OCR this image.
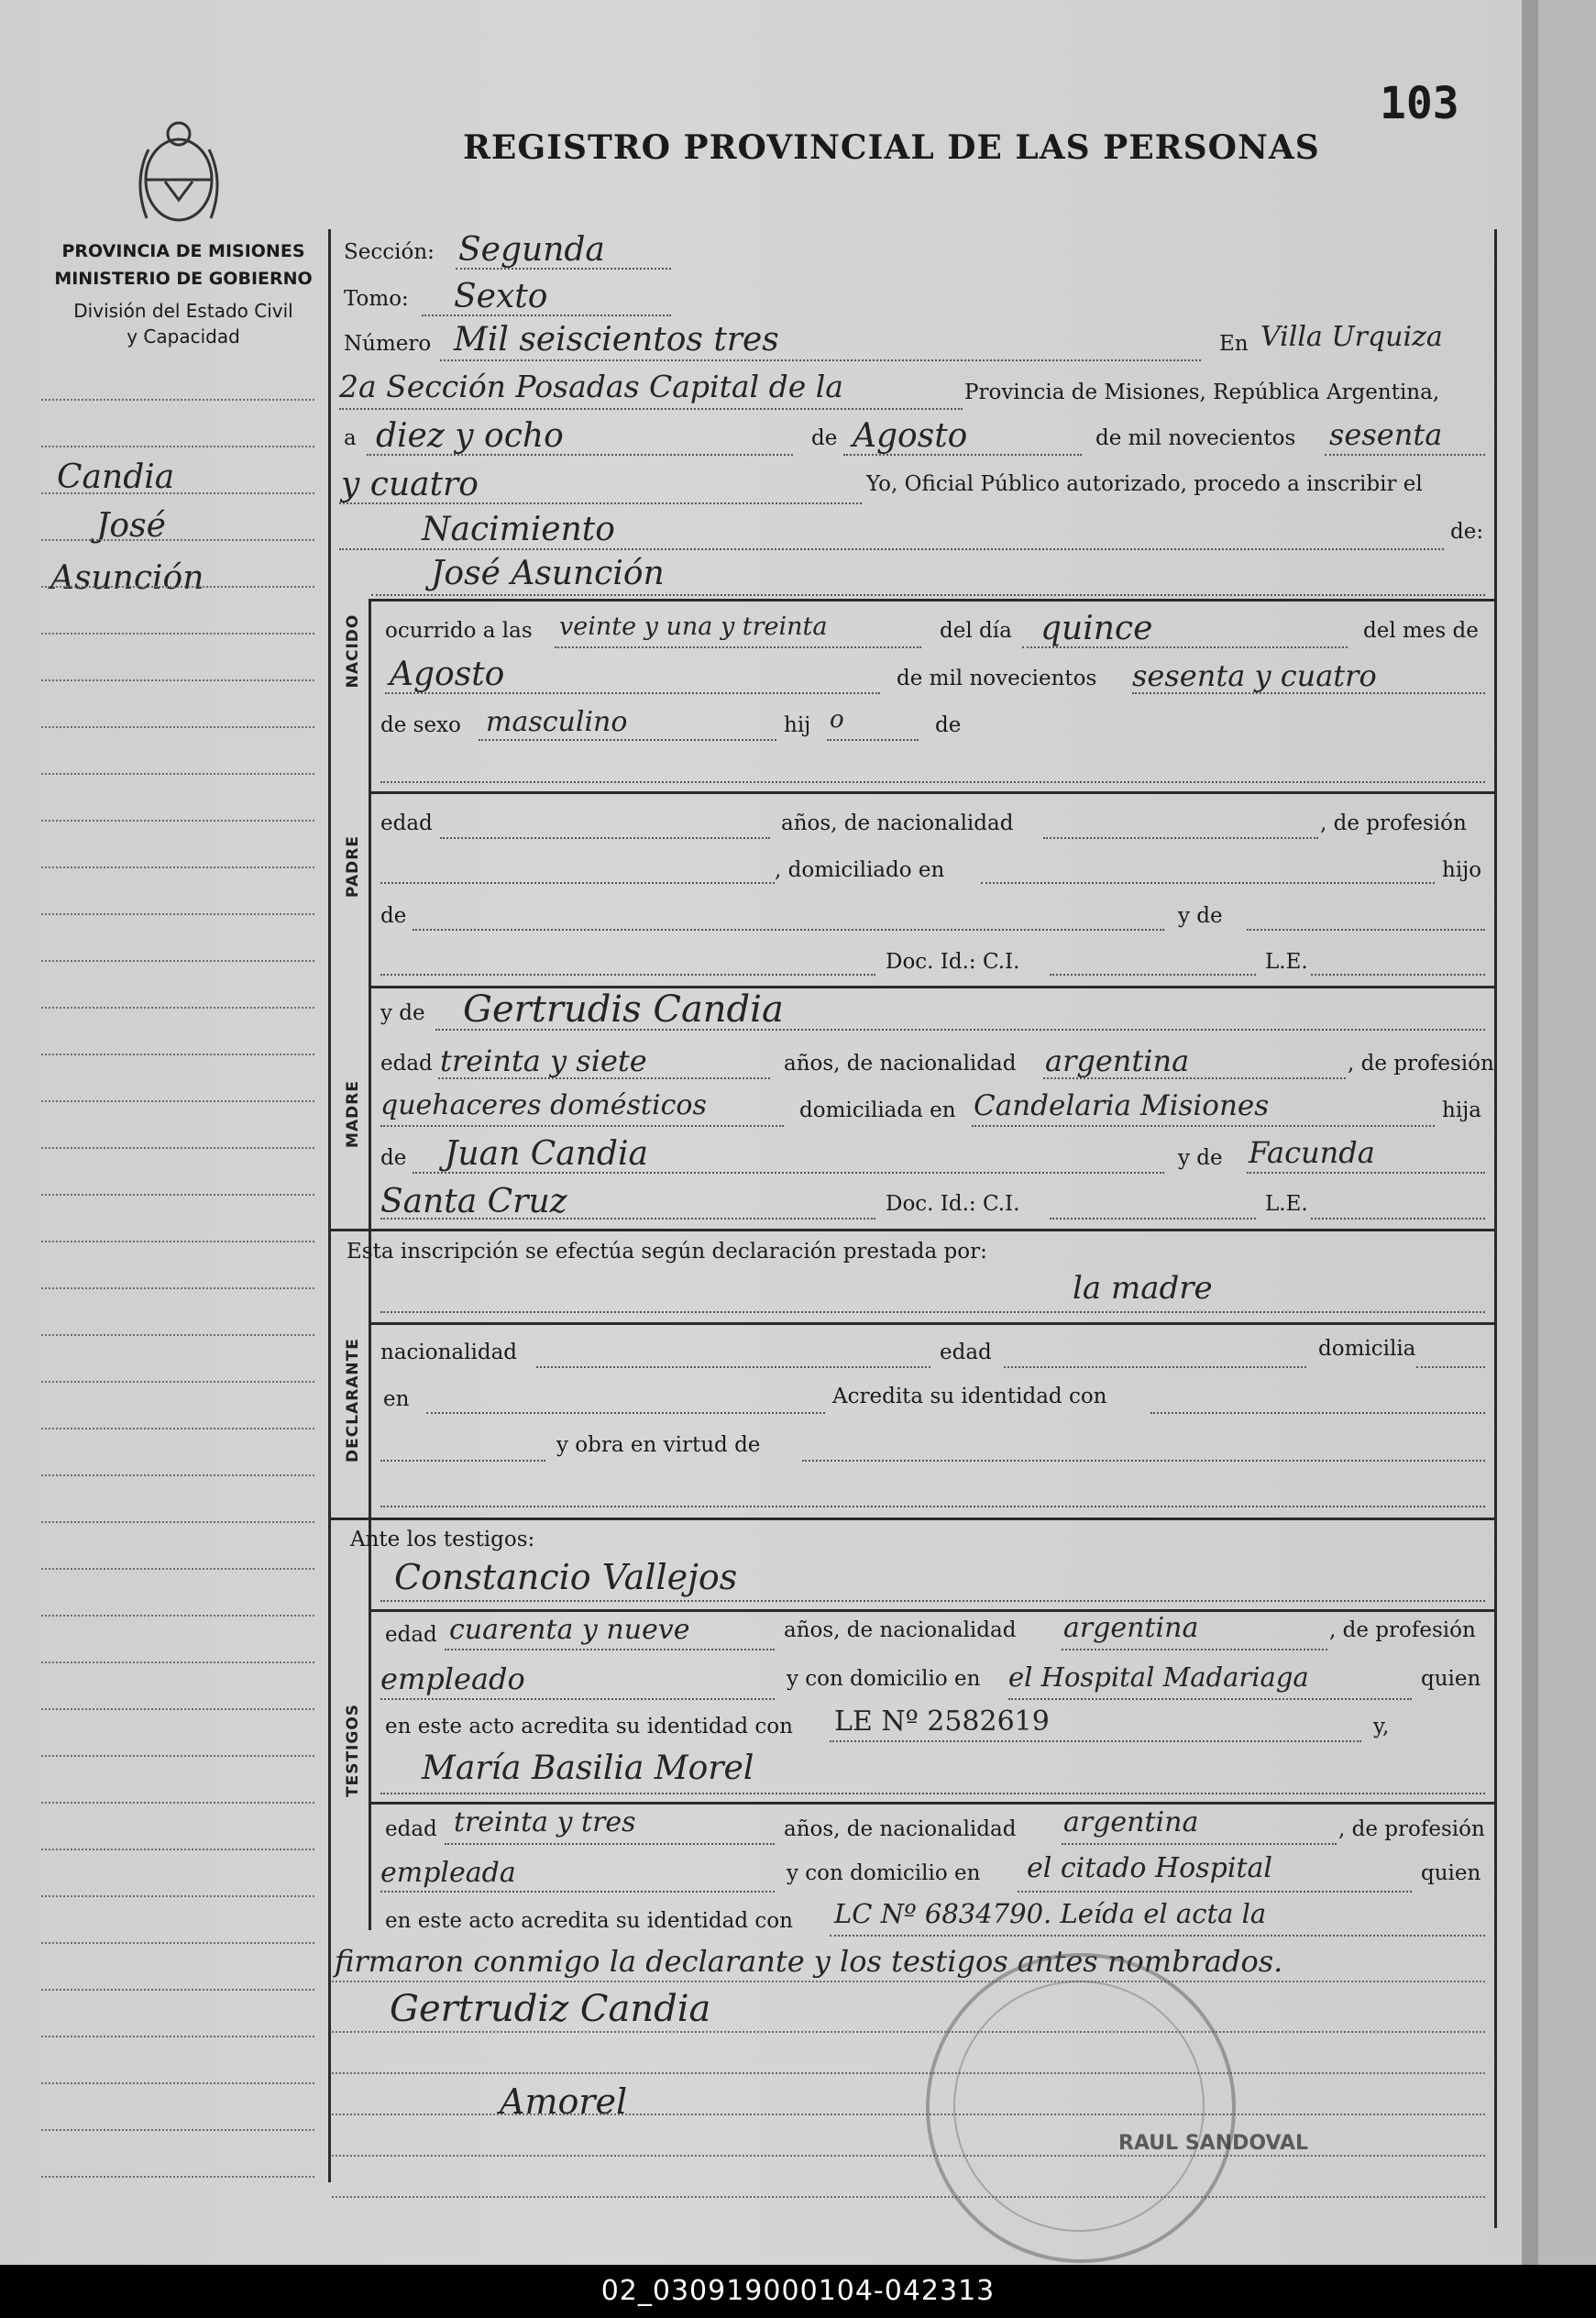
103
REGISTRO PROVINCIAL DE LAS PERSONAS
PROVINCIA DE MISIONES
MINISTERIO DE GOBIERNO
División del Estado Civil
y Capacidad
Candia
José
Asunción
Sección: Segunda
Tomo: Sexto
Número Mil seiscientos tres	En Villa Urquiza
2a Sección Posadas Capital de la	Provincia de Misiones, República Argentina,
a diez y ocho	de Agosto	de mil novecientos sesenta
y cuatro	Yo, Oficial Público autorizado, procedo a inscribir el
Nacimiento	de:
José Asunción
NACIDO ocurrido a las veinte y una y treinta	del día quince	del mes de
Agosto	de mil novecientos sesenta y cuatro
de sexo masculino	hij o	de
PADRE
edad	años, de nacionalidad	, de profesión
, domiciliado en	hijo
de	y de
Doc. Id.: C.I.	L.E.
MADRE
y de Gertrudis Candia
edad treinta y siete	años, de nacionalidad argentina	, de profesión
quehaceres domésticos	domiciliada en Candelaria Misiones	hija
de Juan Candia	y de Facunda
Santa Cruz	Doc. Id.: C.I.	L.E.
Esta inscripción se efectúa según declaración prestada por:
la madre
DECLARANTE nacionalidad	edad	domicilia
en	Acredita su identidad con
y obra en virtud de
Ante los testigos:
Constancio Vallejos
TESTIGOS
edad cuarenta y nueve	años, de nacionalidad argentina	, de profesión
empleado	y con domicilio en el Hospital Madariaga	quien
en este acto acredita su identidad con LE Nº 2582619	y,
María Basilia Morel
edad treinta y tres	años, de nacionalidad argentina	, de profesión
empleada	y con domicilio en el citado Hospital	quien
en este acto acredita su identidad con LC Nº 6834790. Leída el acta la
firmaron conmigo la declarante y los testigos antes nombrados.
Gertrudiz Candia
Amorel
RAUL SANDOVAL
02_030919000104-042313
